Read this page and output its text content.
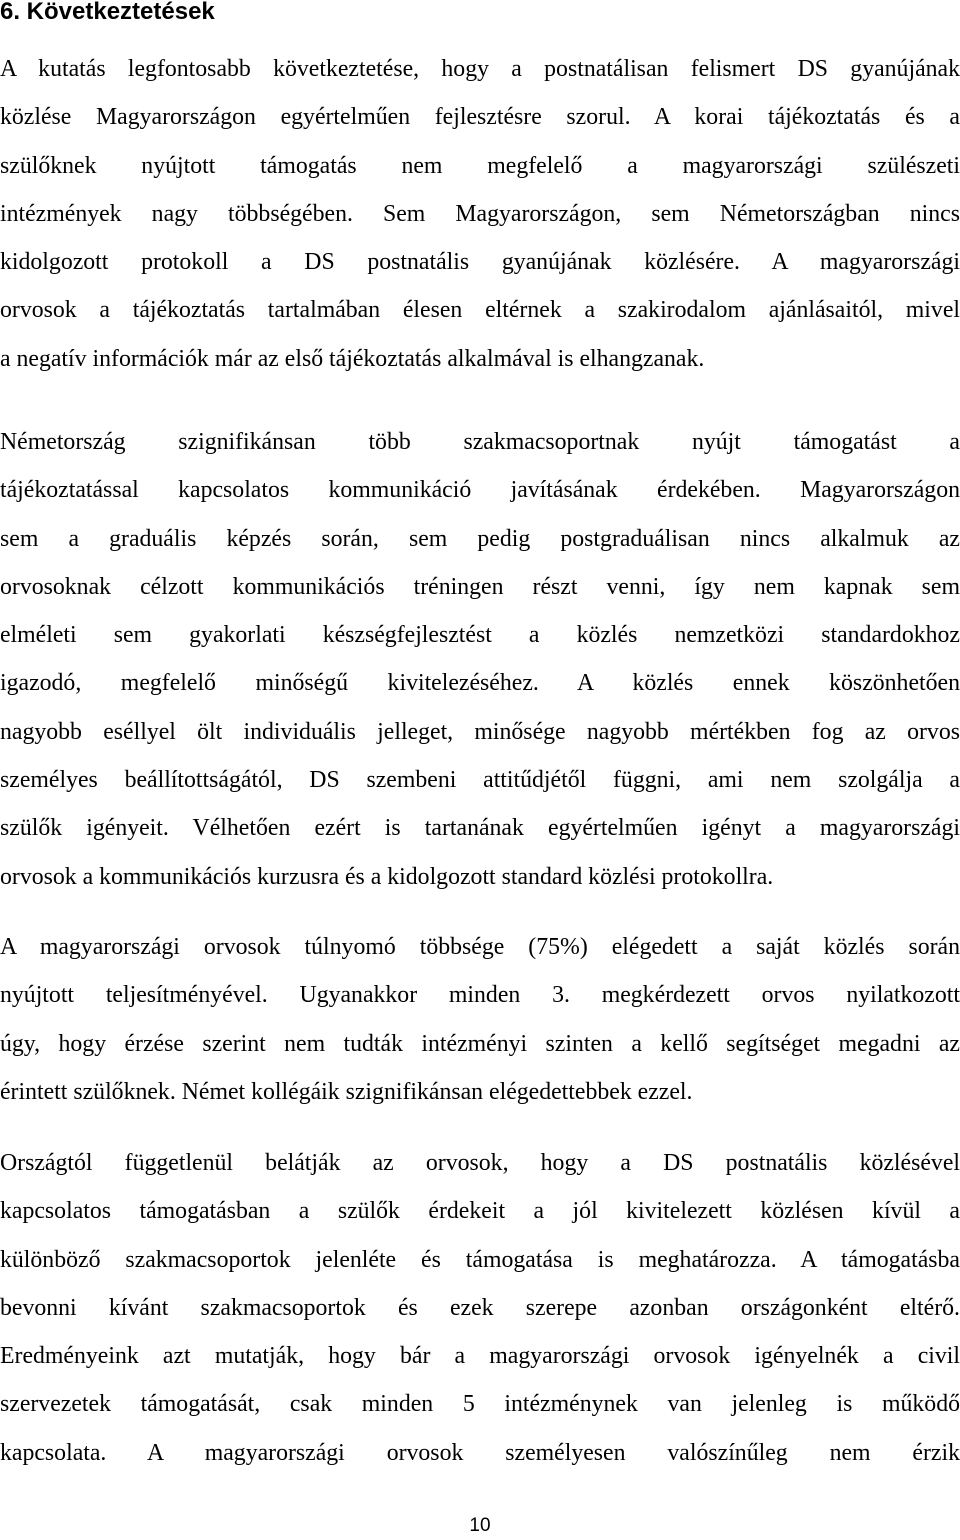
6. Következtetések

A kutatás legfontosabb következtetése, hogy a postnatálisan felismert DS gyanújának
közlése Magyarországon egyértelműen fejlesztésre szorul. A korai tájékoztatás és a
szülőknek nyújtott támogatás nem megfelelő a magyarországi szülészeti
intézmények nagy többségében. Sem Magyarországon, sem Németországban nincs
kidolgozott protokoll a DS postnatális gyanújának közlésére. A magyarországi
orvosok a tájékoztatás tartalmában élesen eltérnek a szakirodalom ajánlásaitól, mivel
a negatív információk már az első tájékoztatás alkalmával is elhangzanak.

Németország szignifikánsan több szakmacsoportnak nyújt támogatást a
tájékoztatással kapcsolatos kommunikáció javításának érdekében. Magyarországon
sem a graduális képzés során, sem pedig postgraduálisan nincs alkalmuk az
orvosoknak célzott kommunikációs tréningen részt venni, így nem kapnak sem
elméleti sem gyakorlati készségfejlesztést a közlés nemzetközi standardokhoz
igazodó, megfelelő minőségű kivitelezéséhez. A közlés ennek köszönhetően
nagyobb eséllyel ölt individuális jelleget, minősége nagyobb mértékben fog az orvos
személyes beállítottságától, DS szembeni attitűdjétől függni, ami nem szolgálja a
szülők igényeit. Vélhetően ezért is tartanának egyértelműen igényt a magyarországi
orvosok a kommunikációs kurzusra és a kidolgozott standard közlési protokollra.

A magyarországi orvosok túlnyomó többsége (75%) elégedett a saját közlés során
nyújtott teljesítményével. Ugyanakkor minden 3. megkérdezett orvos nyilatkozott
úgy, hogy érzése szerint nem tudták intézményi szinten a kellő segítséget megadni az
érintett szülőknek. Német kollégáik szignifikánsan elégedettebbek ezzel.

Országtól függetlenül belátják az orvosok, hogy a DS postnatális közlésével
kapcsolatos támogatásban a szülők érdekeit a jól kivitelezett közlésen kívül a
különböző szakmacsoportok jelenléte és támogatása is meghatározza. A támogatásba
bevonni kívánt szakmacsoportok és ezek szerepe azonban országonként eltérő.
Eredményeink azt mutatják, hogy bár a magyarországi orvosok igényelnék a civil
szervezetek támogatását, csak minden 5 intézménynek van jelenleg is működő
kapcsolata. A magyarországi orvosok személyesen valószínűleg nem érzik

10
